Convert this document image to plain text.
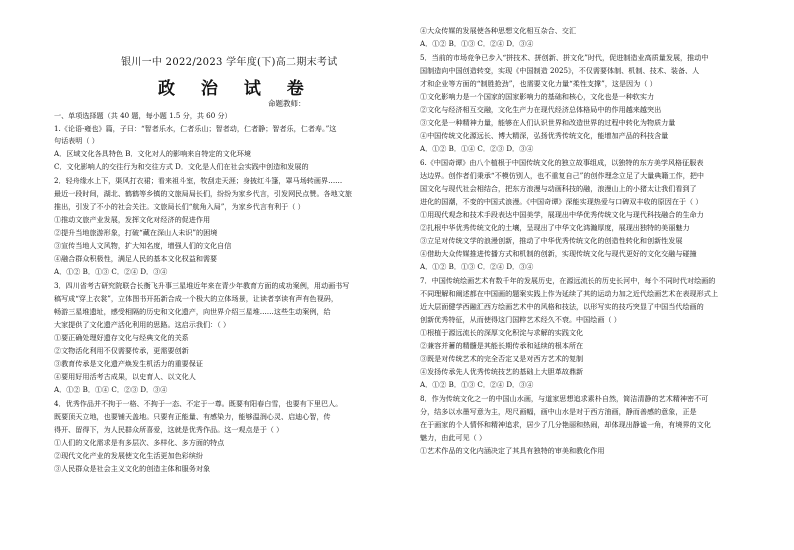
银川一中 2022/2023 学年度(下)高二期末考试
政 治 试 卷
命题教师：
一、单项选择题（共 40 题，每小题 1.5 分，共 60 分）
1.《论语·雍也》篇，子曰：“智者乐水，仁者乐山；智者动，仁者静；智者乐，仁者寿。”这
句话表明（ ）
A．区域文化各具特色 B．文化对人的影响来自特定的文化环境
C．文化影响人的交往行为和交往方式 D．文化是人们在社会实践中创造和发展的
2．轻舟缘水上下，渠风打衣裙；看来祖斗室，牧刮走天涯；身披红斗篷，罩马场转画界……
最近一段时间，湖北、鹤鹤等乡镇的文旅局局长们，纷纷为家乡代言，引发网民点赞。各地文旅
推出，引发了不小的社会关注。文旅局长们“航角入局”，为家乡代言有利于（ ）
①推动文旅产业发展，发挥文化对经济的促进作用
②提升当地旅游形象，打破“藏在深山人未识”的困境
③宣传当地人文风物，扩大知名度，增强人们的文化自信
④融合群众积极性，满足人民的基本文化权益和需要
A．①② B．①③ C．②④ D．③④
3．四川省考古研究院联合长衡飞升事三星堆近年来在青少年教育方面的成功案例，用动画书写
稿写成“穿上衣裳”，立体图书开拓新合成一个极大的立体场景，让读者享读有声有色视码，
畅游三星堆遗址，感受相隔的历史和文化遗产，向世界介绍三星堆……这些生动案例，给
大家提供了文化遗产活化利用的思路。这启示我们：（ ）
①要正确处理好遗存文化与经典文化的关系
②文物活化利用不仅需要传承，更需要创新
③教育传承是文化遗产焕发生机活力的重要保证
④要用好用活考古成果，以史育人、以文化人
A．①② B．①④ C．②③ D．③④
4．优秀作品并不拘于一格、不拘于一态、不定于一尊。既要有阳春白雪，也要有下里巴人。
既要顶天立地，也要铺天盖地。只要有正能量、有感染力，能够温润心灵、启迪心智，传
得开、留得下，为人民群众所喜爱，这就是优秀作品。这一观点是于（ ）
①人们的文化需求是有多层次、多样化、多方面的特点
②现代文化产业的发展使文化生活更加色彩缤纷
③人民群众是社会主义文化的创造主体和服务对象
④大众传媒的发展使各种思想文化相互杂合、交汇
A．①② B．①③ C．②④ D．③④
5．当前的市场竞争已步入“拼技术、拼创新、拼文化”时代，促进制造业高质量发展，推动中
国制造向中国创造转变，实现《中国制造 2025》，不仅需要体制、机制、技术、装备、人
才和企业等方面的“制胜抢劲”，也需要文化力量“柔性支撑”，这是因为（ ）
①文化影响力是一个国家的国家影响力的基础和核心，文化也是一种软实力
②文化与经济相互交融，文化生产力在现代经济总体格局中的作用越来越突出
③文化是一种精神力量，能够在人们认识世界和改造世界的过程中转化为物质力量
④中国传统文化源远长、博大精深，弘扬优秀传统文化，能增加产品的科技含量
A．①② B．①④ C．②③ D．③④
6.《中国奇谭》由八个植根于中国传统文化的独立故事组成，以独特的东方美学风格征服表
达边界。创作者们秉承“不模仿别人，也不重复自己”的创作理念立足了大量典籍工作，把中
国文化与现代社会相结合，把东方浪漫与动画科技的融，浪漫山上的小猪太让我们看到了
进化的国潮，不变的中国式浪漫。《中国奇谭》深能实现热爱与口碑双丰收的原因在于（ ）
①用现代观念和技术手段表达中国美学，展现出中华优秀传统文化与现代科技融合的生命力
②扎根中华优秀传统文化的土壤，呈现出了中华文化鸿瀚厚度，展现出独特的美丽魅力
③立足对传统文学的浪漫创新，推动了中华优秀传统文化的创造性转化和创新性发展
④借助大众传媒推进传播方式和机制的创新，实现传统文化与现代更好的文化交融与碰撞
A．①② B．①③ C．②④ D．③④
7．中国传统绘画艺术有数千年的发展历史，在源远流长的历史长河中，每个不同时代对绘画的
不同理解和阐述都在中国画的题案实践上作为延续了其的运动力加之近代绘画艺术在表现形式上
近大层面健学西融汇西方绘画艺术中的风格和技法，以形写实的技巧突显了中国当代绘画的
创新优秀特征，从而使得这门国粹艺术经久不衰。中国绘画（ ）
①根植于源远流长的深厚文化积淀与求解的实践文化
②兼容并蓄的精髓是其能长期传承和延续的根本所在
③既是对传统艺术的完全否定又是对西方艺术的复制
④发扬传承先人优秀传统技艺的基础上大胆革故鼎新
A．①② B．①③ C．②④ D．③④
8．作为传统文化之一的中国山水画，与道家思想追求素朴自然，简洁清静的艺术精神密不可
分，结多以水墨写意为主，咫尺画幅，画中山水是对于西方油画，静而善感的意象，正是
在于画家的个人情怀和精神追求，居少了几分艳丽和热闹，却体现出静谧一角，有境界的文化
魅力，由此可见（ ）
①艺术作品的文化内涵决定了其具有独特的审美和教化作用
